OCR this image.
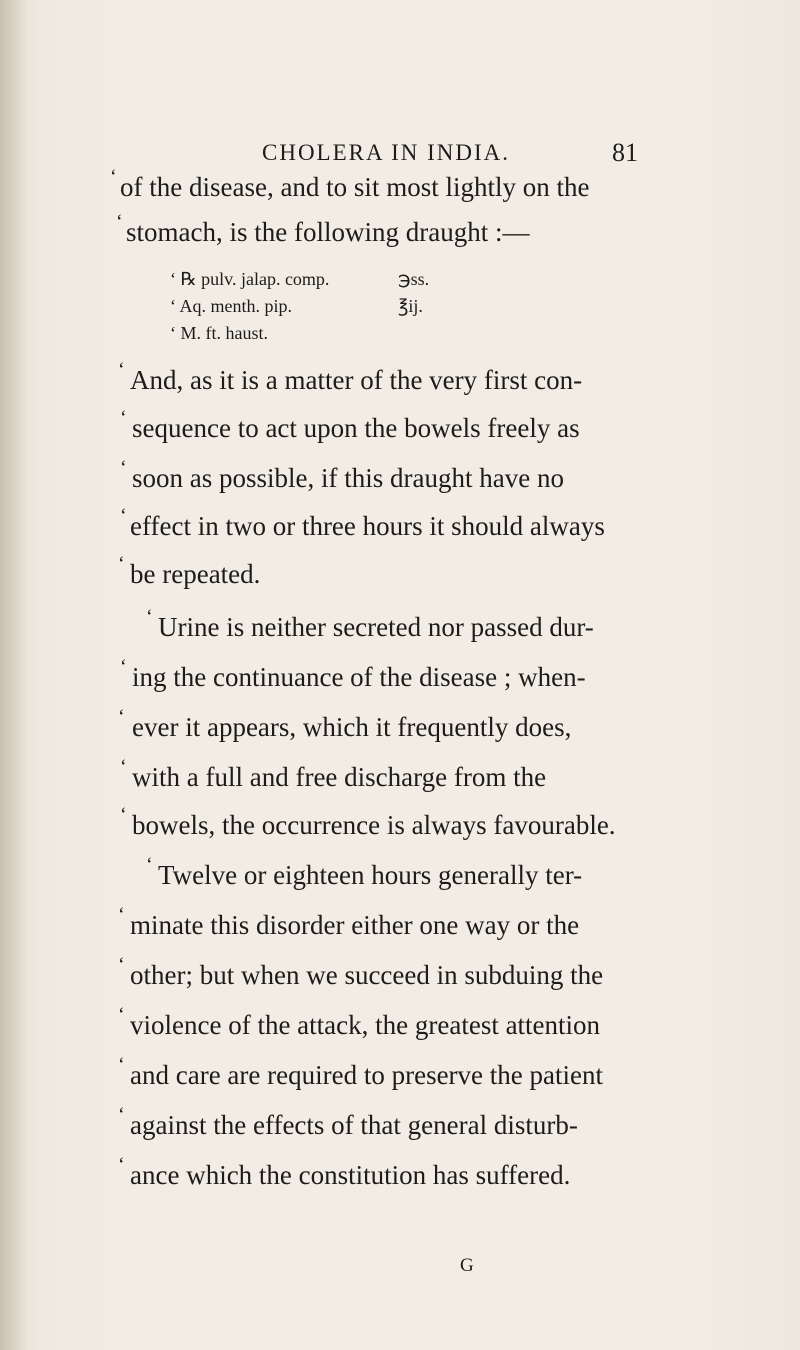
CHOLERA IN INDIA.	81
‘ of the disease, and to sit most lightly on the
‘ stomach, is the following draught :—
‘ ℞ pulv. jalap. comp.	℈ss.
‘ Aq. menth. pip.	℥ij.
‘ M. ft. haust.
‘ And, as it is a matter of the very first con-
‘ sequence to act upon the bowels freely as
‘ soon as possible, if this draught have no
‘ effect in two or three hours it should always
‘ be repeated.
‘ Urine is neither secreted nor passed dur-
‘ ing the continuance of the disease ; when-
‘ ever it appears, which it frequently does,
‘ with a full and free discharge from the
‘ bowels, the occurrence is always favourable.
‘ Twelve or eighteen hours generally ter-
‘ minate this disorder either one way or the
‘ other; but when we succeed in subduing the
‘ violence of the attack, the greatest attention
‘ and care are required to preserve the patient
‘ against the effects of that general disturb-
‘ ance which the constitution has suffered.
G
